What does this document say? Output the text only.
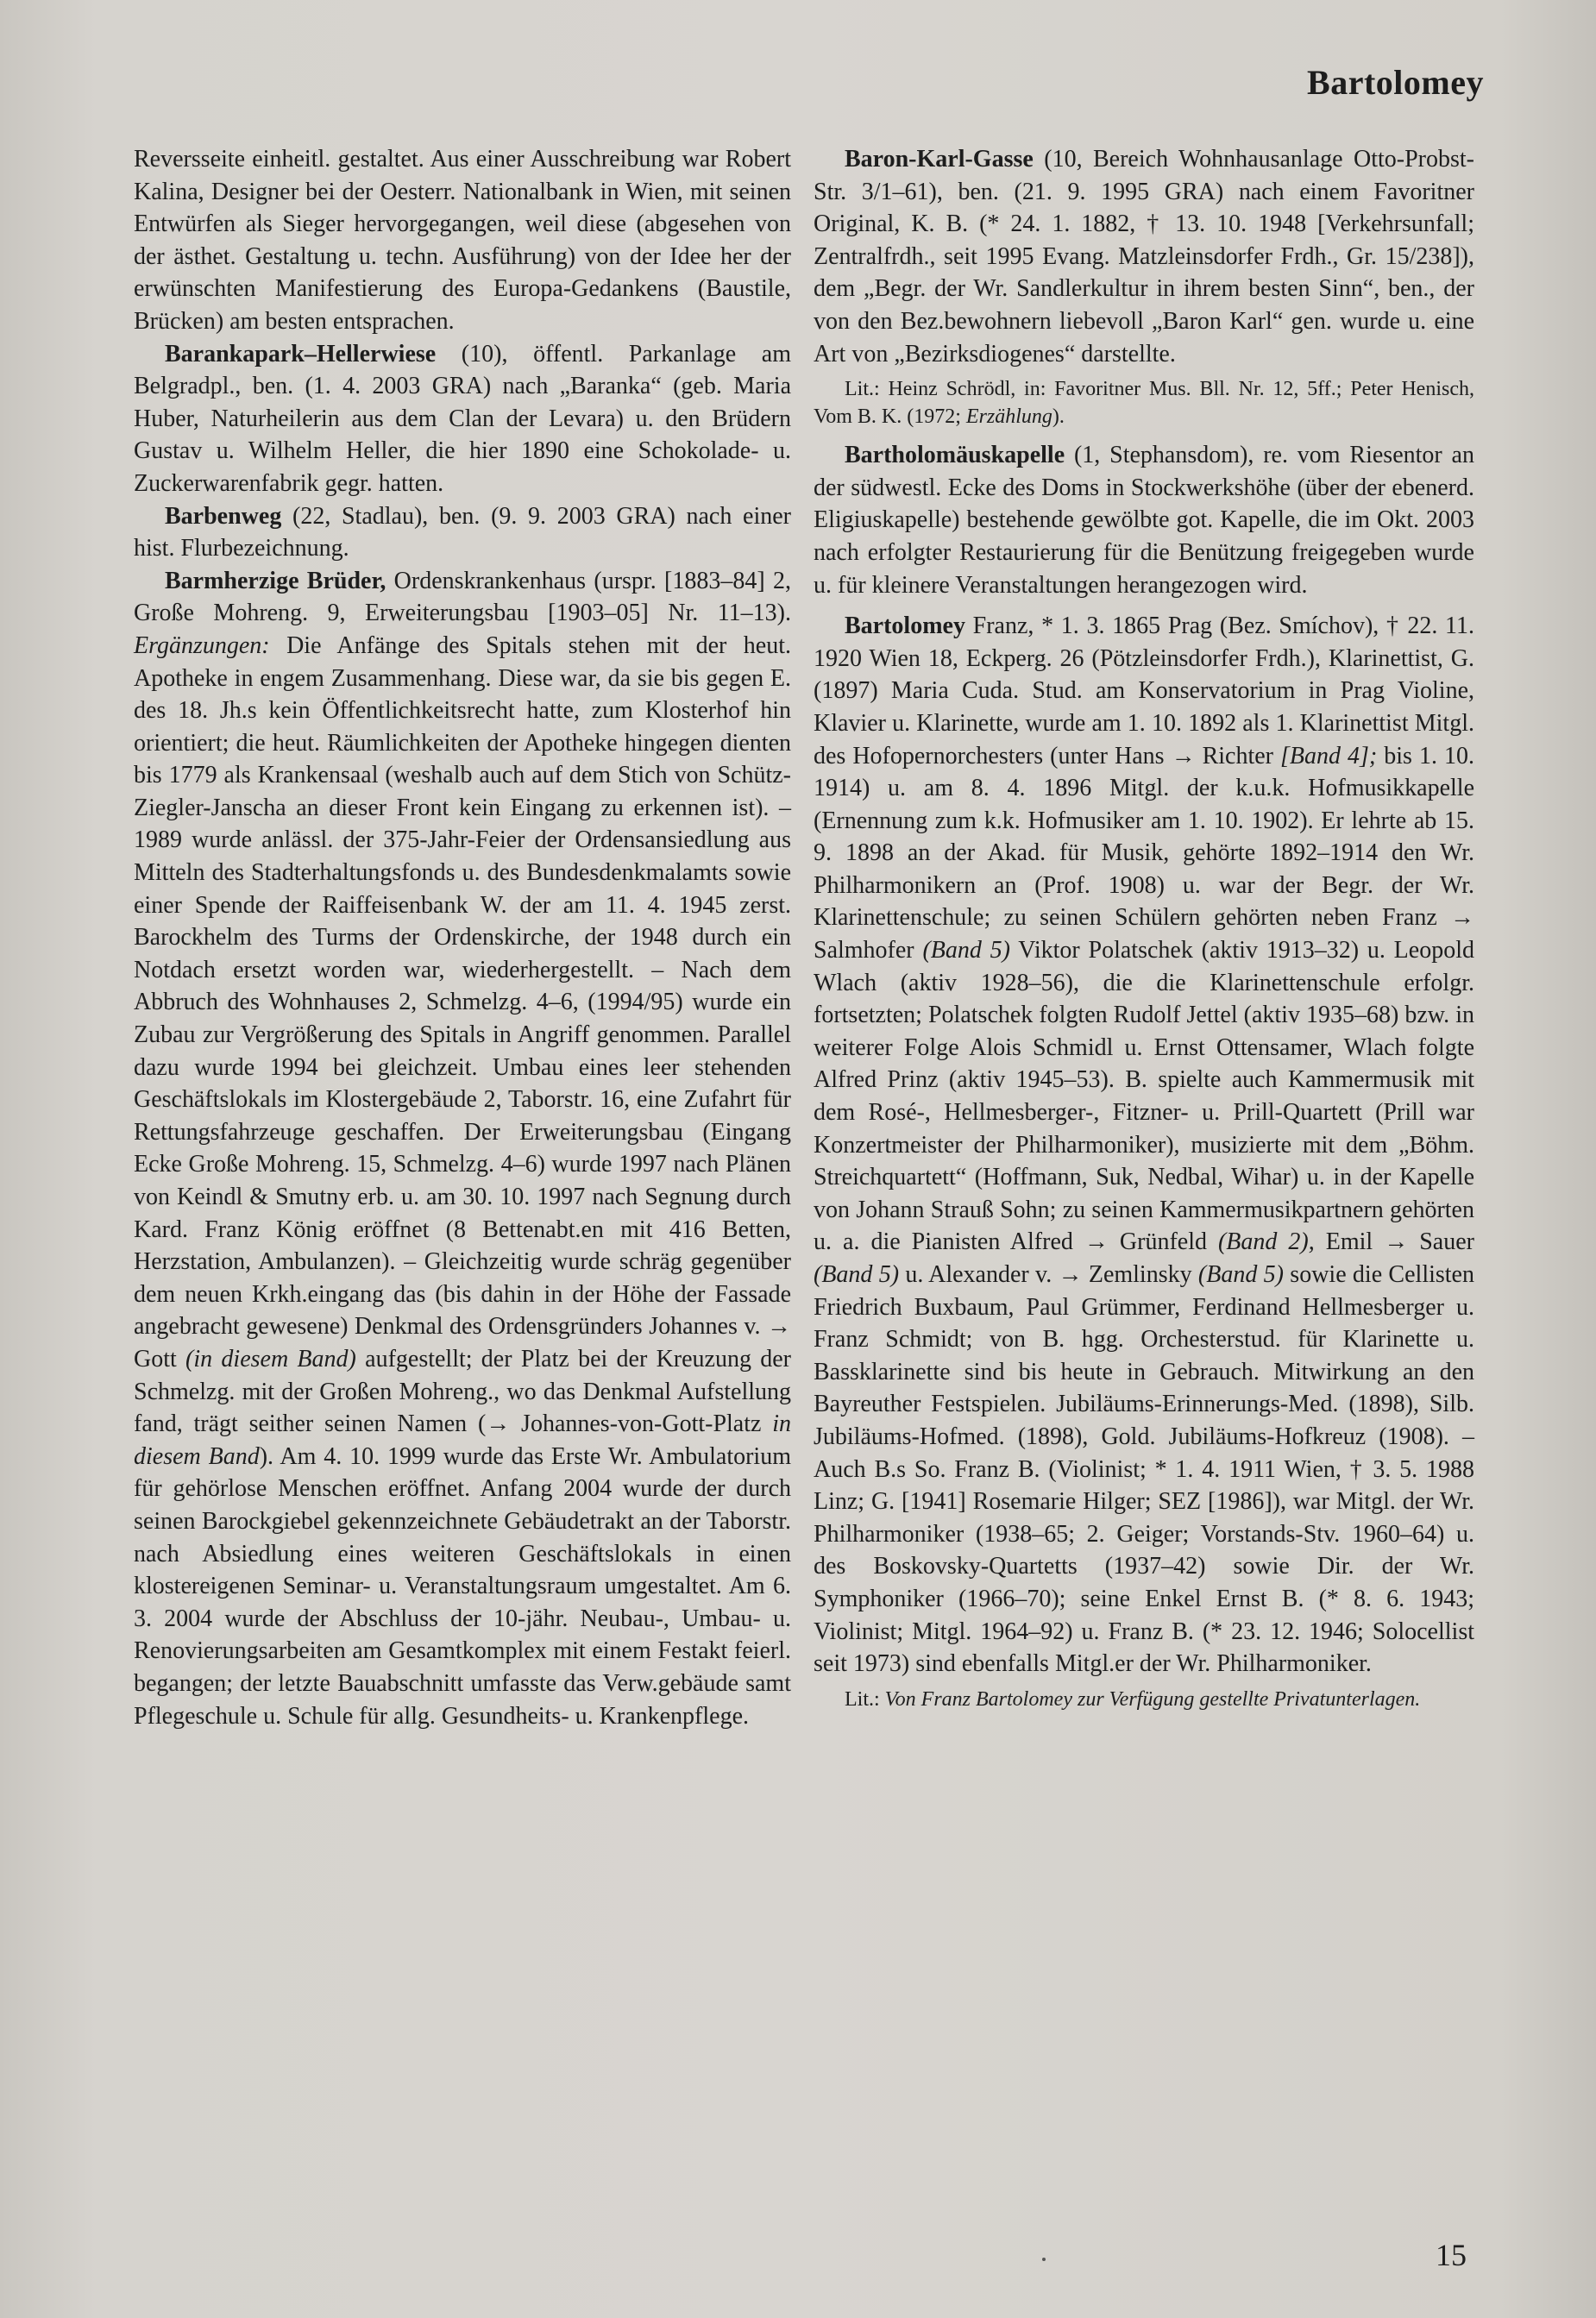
Bartolomey

Reversseite einheitl. gestaltet. Aus einer Ausschreibung war Robert Kalina, Designer bei der Oesterr. Nationalbank in Wien, mit seinen Entwürfen als Sieger hervorgegangen, weil diese (abgesehen von der ästhet. Gestaltung u. techn. Ausführung) von der Idee her der erwünschten Manifestierung des Europa-Gedankens (Baustile, Brücken) am besten entsprachen.

Barankapark–Hellerwiese (10), öffentl. Parkanlage am Belgradpl., ben. (1. 4. 2003 GRA) nach „Baranka“ (geb. Maria Huber, Naturheilerin aus dem Clan der Levara) u. den Brüdern Gustav u. Wilhelm Heller, die hier 1890 eine Schokolade- u. Zuckerwarenfabrik gegr. hatten.

Barbenweg (22, Stadlau), ben. (9. 9. 2003 GRA) nach einer hist. Flurbezeichnung.

Barmherzige Brüder, Ordenskrankenhaus (urspr. [1883–84] 2, Große Mohreng. 9, Erweiterungsbau [1903–05] Nr. 11–13). Ergänzungen: Die Anfänge des Spitals stehen mit der heut. Apotheke in engem Zusammenhang. Diese war, da sie bis gegen E. des 18. Jh.s kein Öffentlichkeitsrecht hatte, zum Klosterhof hin orientiert; die heut. Räumlichkeiten der Apotheke hingegen dienten bis 1779 als Krankensaal (weshalb auch auf dem Stich von Schütz-Ziegler-Janscha an dieser Front kein Eingang zu erkennen ist). – 1989 wurde anlässl. der 375-Jahr-Feier der Ordensansiedlung aus Mitteln des Stadterhaltungsfonds u. des Bundesdenkmalamts sowie einer Spende der Raiffeisenbank W. der am 11. 4. 1945 zerst. Barockhelm des Turms der Ordenskirche, der 1948 durch ein Notdach ersetzt worden war, wiederhergestellt. – Nach dem Abbruch des Wohnhauses 2, Schmelzg. 4–6, (1994/95) wurde ein Zubau zur Vergrößerung des Spitals in Angriff genommen. Parallel dazu wurde 1994 bei gleichzeit. Umbau eines leer stehenden Geschäftslokals im Klostergebäude 2, Taborstr. 16, eine Zufahrt für Rettungsfahrzeuge geschaffen. Der Erweiterungsbau (Eingang Ecke Große Mohreng. 15, Schmelzg. 4–6) wurde 1997 nach Plänen von Keindl & Smutny erb. u. am 30. 10. 1997 nach Segnung durch Kard. Franz König eröffnet (8 Bettenabt.en mit 416 Betten, Herzstation, Ambulanzen). – Gleichzeitig wurde schräg gegenüber dem neuen Krkh.eingang das (bis dahin in der Höhe der Fassade angebracht gewesene) Denkmal des Ordensgründers Johannes v. → Gott (in diesem Band) aufgestellt; der Platz bei der Kreuzung der Schmelzg. mit der Großen Mohreng., wo das Denkmal Aufstellung fand, trägt seither seinen Namen (→ Johannes-von-Gott-Platz in diesem Band). Am 4. 10. 1999 wurde das Erste Wr. Ambulatorium für gehörlose Menschen eröffnet. Anfang 2004 wurde der durch seinen Barockgiebel gekennzeichnete Gebäudetrakt an der Taborstr. nach Absiedlung eines weiteren Geschäftslokals in einen klostereigenen Seminar- u. Veranstaltungsraum umgestaltet. Am 6. 3. 2004 wurde der Abschluss der 10-jähr. Neubau-, Umbau- u. Renovierungsarbeiten am Gesamtkomplex mit einem Festakt feierl. begangen; der letzte Bauabschnitt umfasste das Verw.gebäude samt Pflegeschule u. Schule für allg. Gesundheits- u. Krankenpflege.

Baron-Karl-Gasse (10, Bereich Wohnhausanlage Otto-Probst-Str. 3/1–61), ben. (21. 9. 1995 GRA) nach einem Favoritner Original, K. B. (* 24. 1. 1882, † 13. 10. 1948 [Verkehrsunfall; Zentralfrdh., seit 1995 Evang. Matzleinsdorfer Frdh., Gr. 15/238]), dem „Begr. der Wr. Sandlerkultur in ihrem besten Sinn“, ben., der von den Bez.bewohnern liebevoll „Baron Karl“ gen. wurde u. eine Art von „Bezirksdiogenes“ darstellte.

Lit.: Heinz Schrödl, in: Favoritner Mus. Bll. Nr. 12, 5ff.; Peter Henisch, Vom B. K. (1972; Erzählung).

Bartholomäuskapelle (1, Stephansdom), re. vom Riesentor an der südwestl. Ecke des Doms in Stockwerkshöhe (über der ebenerd. Eligiuskapelle) bestehende gewölbte got. Kapelle, die im Okt. 2003 nach erfolgter Restaurierung für die Benützung freigegeben wurde u. für kleinere Veranstaltungen herangezogen wird.

Bartolomey Franz, * 1. 3. 1865 Prag (Bez. Smíchov), † 22. 11. 1920 Wien 18, Eckperg. 26 (Pötzleinsdorfer Frdh.), Klarinettist, G. (1897) Maria Cuda. Stud. am Konservatorium in Prag Violine, Klavier u. Klarinette, wurde am 1. 10. 1892 als 1. Klarinettist Mitgl. des Hofopernorchesters (unter Hans → Richter [Band 4]; bis 1. 10. 1914) u. am 8. 4. 1896 Mitgl. der k.u.k. Hofmusikkapelle (Ernennung zum k.k. Hofmusiker am 1. 10. 1902). Er lehrte ab 15. 9. 1898 an der Akad. für Musik, gehörte 1892–1914 den Wr. Philharmonikern an (Prof. 1908) u. war der Begr. der Wr. Klarinettenschule; zu seinen Schülern gehörten neben Franz → Salmhofer (Band 5) Viktor Polatschek (aktiv 1913–32) u. Leopold Wlach (aktiv 1928–56), die die Klarinettenschule erfolgr. fortsetzten; Polatschek folgten Rudolf Jettel (aktiv 1935–68) bzw. in weiterer Folge Alois Schmidl u. Ernst Ottensamer, Wlach folgte Alfred Prinz (aktiv 1945–53). B. spielte auch Kammermusik mit dem Rosé-, Hellmesberger-, Fitzner- u. Prill-Quartett (Prill war Konzertmeister der Philharmoniker), musizierte mit dem „Böhm. Streichquartett“ (Hoffmann, Suk, Nedbal, Wihar) u. in der Kapelle von Johann Strauß Sohn; zu seinen Kammermusikpartnern gehörten u. a. die Pianisten Alfred → Grünfeld (Band 2), Emil → Sauer (Band 5) u. Alexander v. → Zemlinsky (Band 5) sowie die Cellisten Friedrich Buxbaum, Paul Grümmer, Ferdinand Hellmesberger u. Franz Schmidt; von B. hgg. Orchesterstud. für Klarinette u. Bassklarinette sind bis heute in Gebrauch. Mitwirkung an den Bayreuther Festspielen. Jubiläums-Erinnerungs-Med. (1898), Silb. Jubiläums-Hofmed. (1898), Gold. Jubiläums-Hofkreuz (1908). – Auch B.s So. Franz B. (Violinist; * 1. 4. 1911 Wien, † 3. 5. 1988 Linz; G. [1941] Rosemarie Hilger; SEZ [1986]), war Mitgl. der Wr. Philharmoniker (1938–65; 2. Geiger; Vorstands-Stv. 1960–64) u. des Boskovsky-Quartetts (1937–42) sowie Dir. der Wr. Symphoniker (1966–70); seine Enkel Ernst B. (* 8. 6. 1943; Violinist; Mitgl. 1964–92) u. Franz B. (* 23. 12. 1946; Solocellist seit 1973) sind ebenfalls Mitgl.er der Wr. Philharmoniker.

Lit.: Von Franz Bartolomey zur Verfügung gestellte Privatunterlagen.

15
